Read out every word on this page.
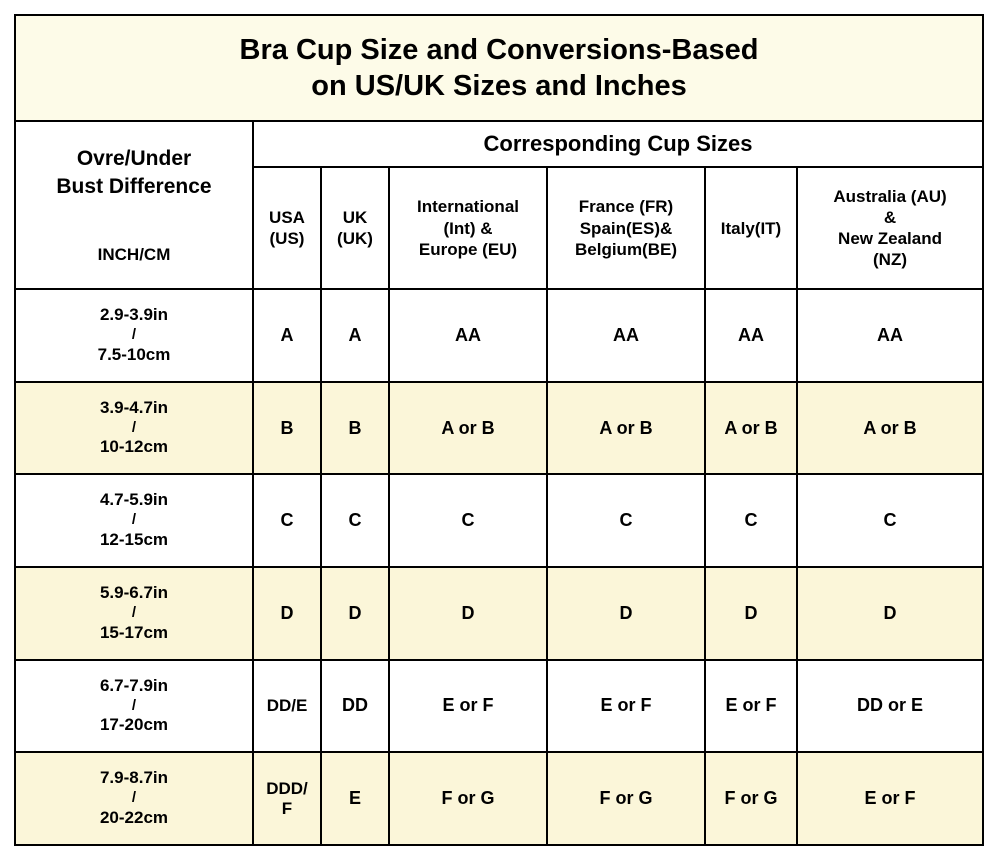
Bra Cup Size and Conversions-Based
on US/UK Sizes and Inches						
Ovre/Under
Bust Difference
INCH/CM	Corresponding Cup Sizes					
	USA
(US)	UK
(UK)	International
(Int) &
Europe (EU)	France (FR)
Spain(ES)&
Belgium(BE)	Italy(IT)	Australia (AU)
&
New Zealand
(NZ)
2.9-3.9in
/
7.5-10cm	A	A	AA	AA	AA	AA
3.9-4.7in
/
10-12cm	B	B	A or B	A or B	A or B	A or B
4.7-5.9in
/
12-15cm	C	C	C	C	C	C
5.9-6.7in
/
15-17cm	D	D	D	D	D	D
6.7-7.9in
/
17-20cm	DD/E	DD	E or F	E or F	E or F	DD or E
7.9-8.7in
/
20-22cm	DDD/
F	E	F or G	F or G	F or G	E or F
